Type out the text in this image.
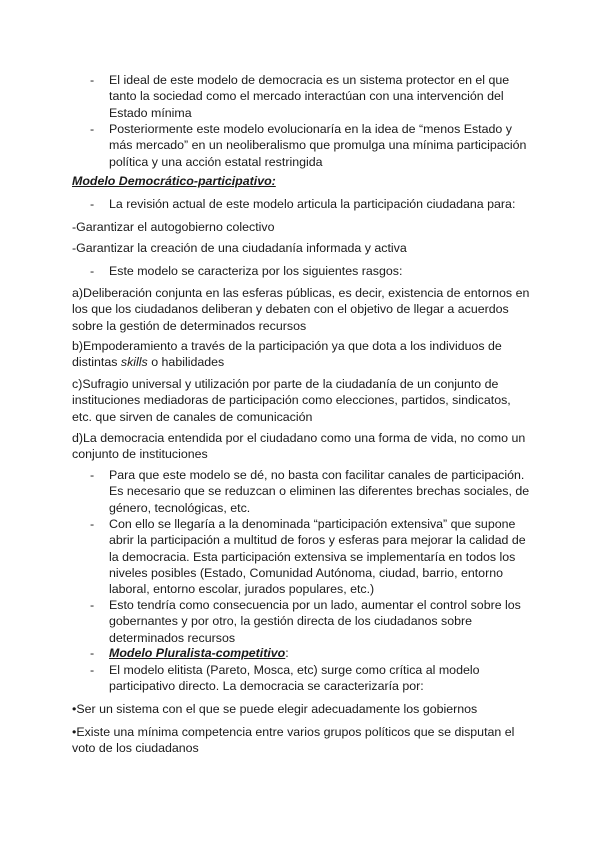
-	El ideal de este modelo de democracia es un sistema protector en el que tanto la sociedad como el mercado interactúan con una intervención del Estado mínima
-	Posteriormente este modelo evolucionaría en la idea de “menos Estado y más mercado” en un neoliberalismo que promulga una mínima participación política y una acción estatal restringida
Modelo Democrático-participativo:
-	La revisión actual de este modelo articula la participación ciudadana para:
-Garantizar el autogobierno colectivo
-Garantizar la creación de una ciudadanía informada y activa
-	Este modelo se caracteriza por los siguientes rasgos:
a)Deliberación conjunta en las esferas públicas, es decir, existencia de entornos en los que los ciudadanos deliberan y debaten con el objetivo de llegar a acuerdos sobre la gestión de determinados recursos
b)Empoderamiento a través de la participación ya que dota a los individuos de distintas skills o habilidades
c)Sufragio universal y utilización por parte de la ciudadanía de un conjunto de instituciones mediadoras de participación como elecciones, partidos, sindicatos, etc. que sirven de canales de comunicación
d)La democracia entendida por el ciudadano como una forma de vida, no como un conjunto de instituciones
-	Para que este modelo se dé, no basta con facilitar canales de participación. Es necesario que se reduzcan o eliminen las diferentes brechas sociales, de género, tecnológicas, etc.
-	Con ello se llegaría a la denominada “participación extensiva” que supone abrir la participación a multitud de foros y esferas para mejorar la calidad de la democracia. Esta participación extensiva se implementaría en todos los niveles posibles (Estado, Comunidad Autónoma, ciudad, barrio, entorno laboral, entorno escolar, jurados populares, etc.)
-	Esto tendría como consecuencia por un lado, aumentar el control sobre los gobernantes y por otro, la gestión directa de los ciudadanos sobre determinados recursos
-	Modelo Pluralista-competitivo:
-	El modelo elitista (Pareto, Mosca, etc) surge como crítica al modelo participativo directo. La democracia se caracterizaría por:
•Ser un sistema con el que se puede elegir adecuadamente los gobiernos
•Existe una mínima competencia entre varios grupos políticos que se disputan el voto de los ciudadanos
